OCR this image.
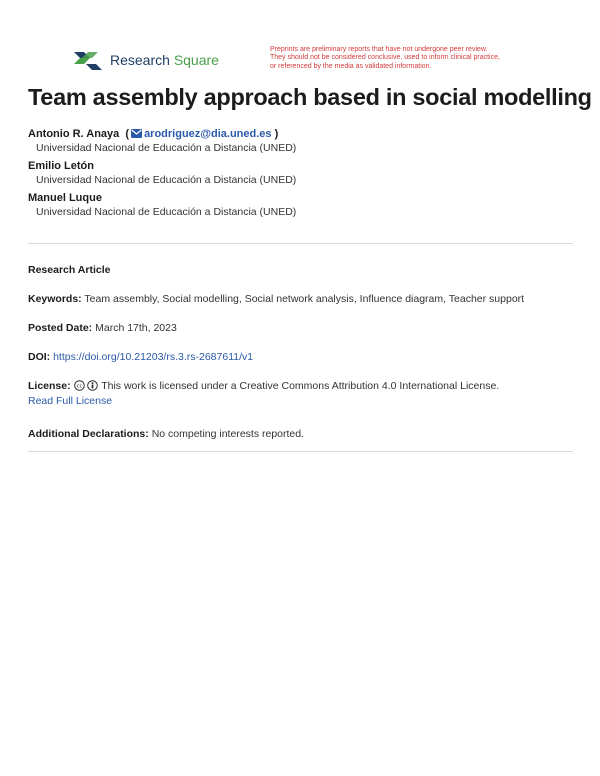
Research Square
Preprints are preliminary reports that have not undergone peer review.
They should not be considered conclusive, used to inform clinical practice,
or referenced by the media as validated information.
Team assembly approach based in social modelling
Antonio R. Anaya  ( arodriguez@dia.uned.es )
Universidad Nacional de Educación a Distancia (UNED)
Emilio Letón
Universidad Nacional de Educación a Distancia (UNED)
Manuel Luque
Universidad Nacional de Educación a Distancia (UNED)
Research Article
Keywords: Team assembly, Social modelling, Social network analysis, Influence diagram, Teacher support
Posted Date: March 17th, 2023
DOI: https://doi.org/10.21203/rs.3.rs-2687611/v1
License: cc This work is licensed under a Creative Commons Attribution 4.0 International License.
Read Full License
Additional Declarations: No competing interests reported.
